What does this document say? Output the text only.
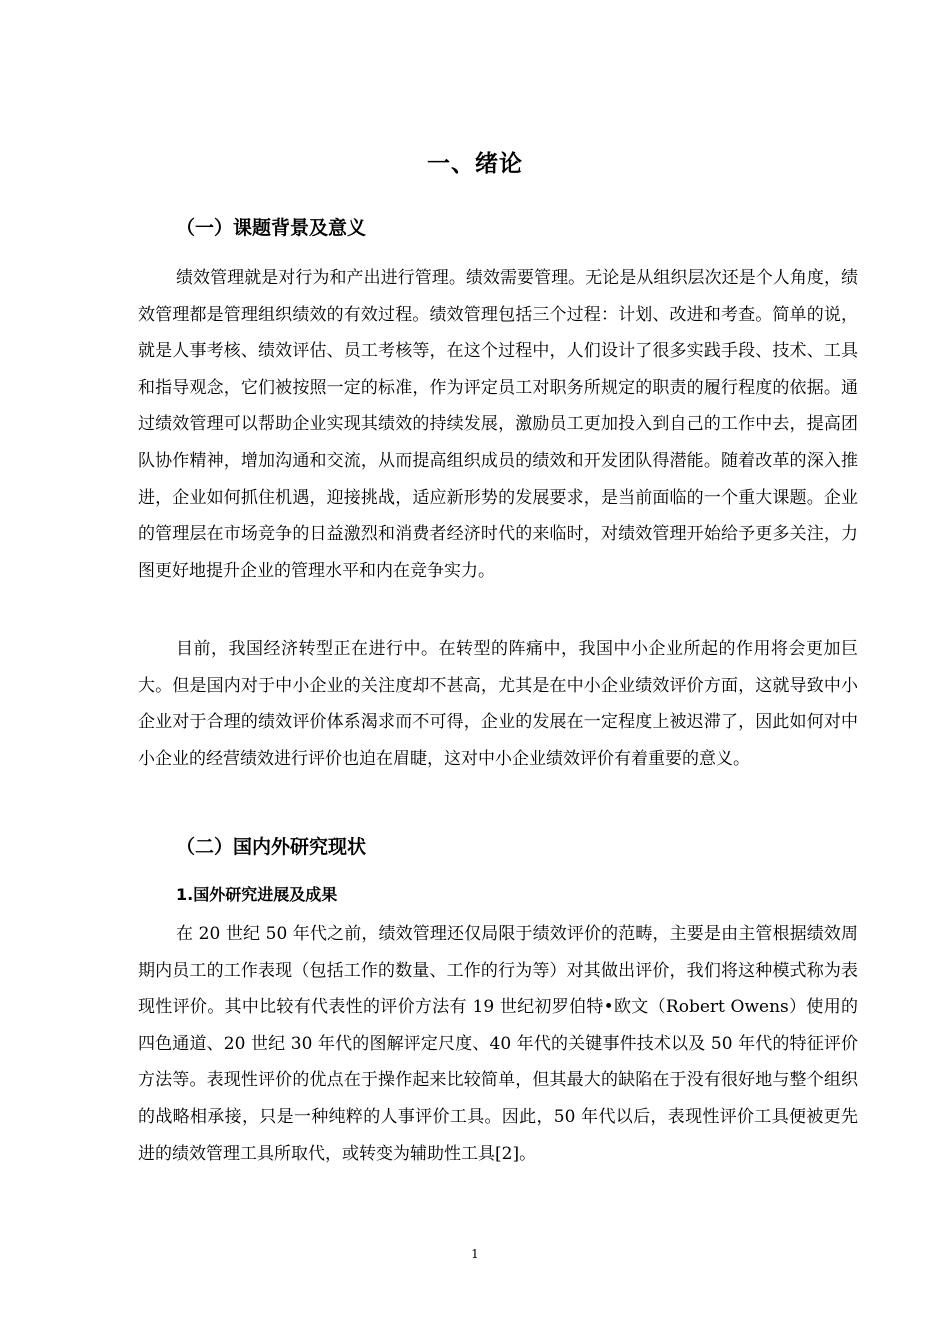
一、绪论
（一）课题背景及意义

绩效管理就是对行为和产出进行管理。绩效需要管理。无论是从组织层次还是个人角度，绩效管理都是管理组织绩效的有效过程。绩效管理包括三个过程：计划、改进和考查。简单的说，就是人事考核、绩效评估、员工考核等，在这个过程中，人们设计了很多实践手段、技术、工具和指导观念，它们被按照一定的标准，作为评定员工对职务所规定的职责的履行程度的依据。通过绩效管理可以帮助企业实现其绩效的持续发展，激励员工更加投入到自己的工作中去，提高团队协作精神，增加沟通和交流，从而提高组织成员的绩效和开发团队得潜能。随着改革的深入推进，企业如何抓住机遇，迎接挑战，适应新形势的发展要求，是当前面临的一个重大课题。企业的管理层在市场竞争的日益激烈和消费者经济时代的来临时，对绩效管理开始给予更多关注，力图更好地提升企业的管理水平和内在竞争实力。

目前，我国经济转型正在进行中。在转型的阵痛中，我国中小企业所起的作用将会更加巨大。但是国内对于中小企业的关注度却不甚高，尤其是在中小企业绩效评价方面，这就导致中小企业对于合理的绩效评价体系渴求而不可得，企业的发展在一定程度上被迟滞了，因此如何对中小企业的经营绩效进行评价也迫在眉睫，这对中小企业绩效评价有着重要的意义。

（二）国内外研究现状
1.国外研究进展及成果

在 20 世纪 50 年代之前，绩效管理还仅局限于绩效评价的范畴，主要是由主管根据绩效周期内员工的工作表现（包括工作的数量、工作的行为等）对其做出评价，我们将这种模式称为表现性评价。其中比较有代表性的评价方法有 19 世纪初罗伯特•欧文（Robert Owens）使用的四色通道、20 世纪 30 年代的图解评定尺度、40 年代的关键事件技术以及 50 年代的特征评价方法等。表现性评价的优点在于操作起来比较简单，但其最大的缺陷在于没有很好地与整个组织的战略相承接，只是一种纯粹的人事评价工具。因此，50 年代以后，表现性评价工具便被更先进的绩效管理工具所取代，或转变为辅助性工具[2]。

1
